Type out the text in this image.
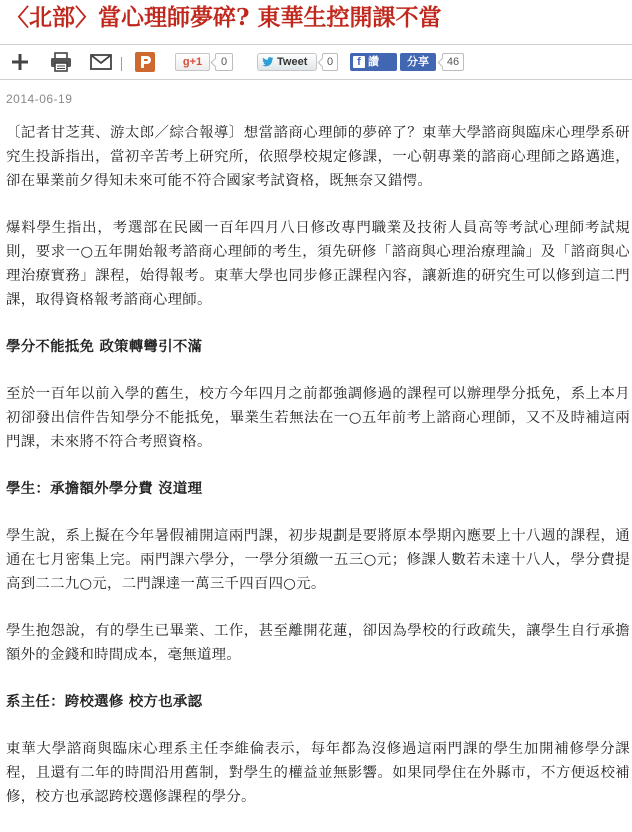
〈北部〉當心理師夢碎? 東華生控開課不當
g+1	0	Tweet	0	f 讚	分享	46
2014-06-19

〔記者甘芝萁、游太郎／綜合報導〕想當諮商心理師的夢碎了？東華大學諮商與臨床心理學系研究生投訴指出，當初辛苦考上研究所，依照學校規定修課，一心朝專業的諮商心理師之路邁進，卻在畢業前夕得知未來可能不符合國家考試資格，既無奈又錯愕。

爆料學生指出，考選部在民國一百年四月八日修改專門職業及技術人員高等考試心理師考試規則，要求一○五年開始報考諮商心理師的考生，須先研修「諮商與心理治療理論」及「諮商與心理治療實務」課程，始得報考。東華大學也同步修正課程內容，讓新進的研究生可以修到這二門課，取得資格報考諮商心理師。

學分不能抵免 政策轉彎引不滿

至於一百年以前入學的舊生，校方今年四月之前都強調修過的課程可以辦理學分抵免，系上本月初卻發出信件告知學分不能抵免，畢業生若無法在一○五年前考上諮商心理師，又不及時補這兩門課，未來將不符合考照資格。

學生：承擔額外學分費 沒道理

學生說，系上擬在今年暑假補開這兩門課，初步規劃是要將原本學期內應要上十八週的課程，通通在七月密集上完。兩門課六學分，一學分須繳一五三○元；修課人數若未達十八人，學分費提高到二二九○元，二門課達一萬三千四百四○元。

學生抱怨說，有的學生已畢業、工作，甚至離開花蓮，卻因為學校的行政疏失，讓學生自行承擔額外的金錢和時間成本，毫無道理。

系主任：跨校選修 校方也承認

東華大學諮商與臨床心理系主任李維倫表示，每年都為沒修過這兩門課的學生加開補修學分課程，且還有二年的時間沿用舊制，對學生的權益並無影響。如果同學住在外縣市，不方便返校補修，校方也承認跨校選修課程的學分。
